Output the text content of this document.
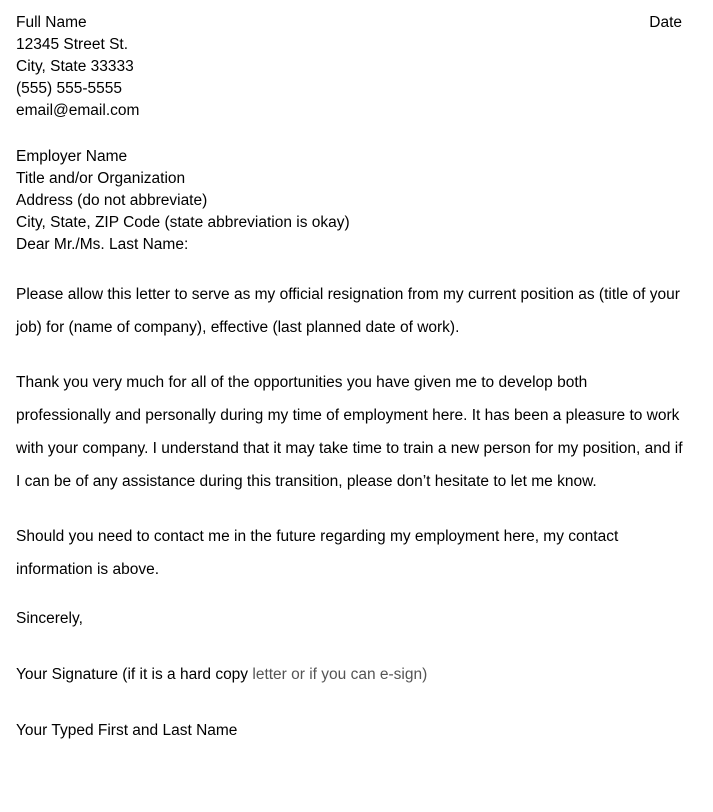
Full Name	Date
12345 Street St.
City, State 33333
(555) 555-5555
email@email.com
Employer Name
Title and/or Organization
Address (do not abbreviate)
City, State, ZIP Code (state abbreviation is okay)
Dear Mr./Ms. Last Name:

Please allow this letter to serve as my official resignation from my current position as (title of your job) for (name of company), effective (last planned date of work).

Thank you very much for all of the opportunities you have given me to develop both professionally and personally during my time of employment here. It has been a pleasure to work with your company. I understand that it may take time to train a new person for my position, and if I can be of any assistance during this transition, please don’t hesitate to let me know.

Should you need to contact me in the future regarding my employment here, my contact information is above.

Sincerely,
Your Signature (if it is a hard copy letter or if you can e-sign)
Your Typed First and Last Name
